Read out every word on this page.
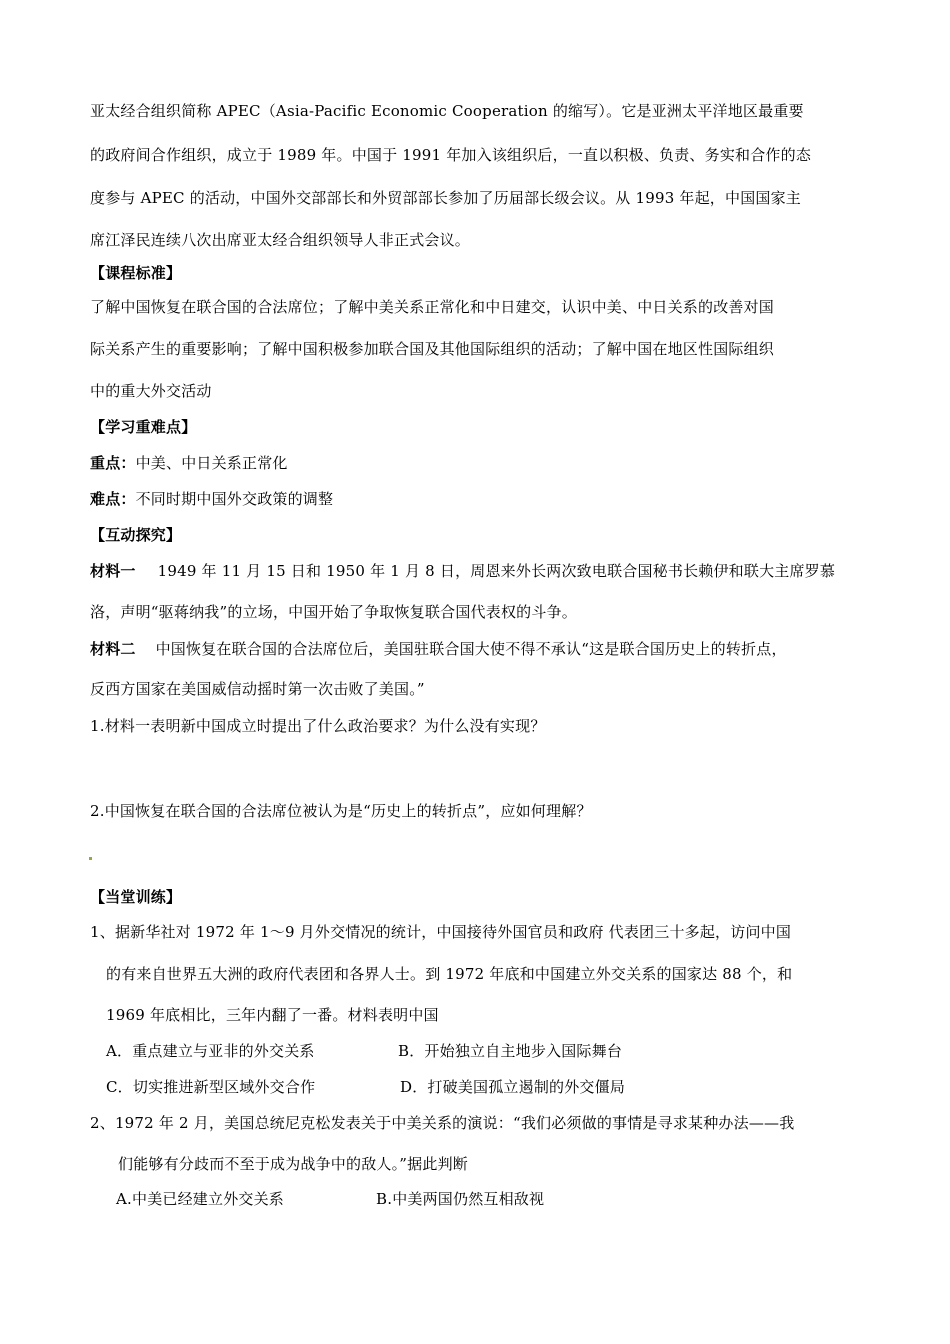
亚太经合组织简称 APEC（Asia-Pacific Economic Cooperation 的缩写）。它是亚洲太平洋地区最重要
的政府间合作组织，成立于 1989 年。中国于 1991 年加入该组织后，一直以积极、负责、务实和合作的态
度参与 APEC 的活动，中国外交部部长和外贸部部长参加了历届部长级会议。从 1993 年起，中国国家主
席江泽民连续八次出席亚太经合组织领导人非正式会议。
【课程标准】
了解中国恢复在联合国的合法席位；了解中美关系正常化和中日建交，认识中美、中日关系的改善对国
际关系产生的重要影响；了解中国积极参加联合国及其他国际组织的活动；了解中国在地区性国际组织
中的重大外交活动
【学习重难点】
重点：中美、中日关系正常化
难点：不同时期中国外交政策的调整
【互动探究】
材料一 1949 年 11 月 15 日和 1950 年 1 月 8 日，周恩来外长两次致电联合国秘书长赖伊和联大主席罗慕
洛，声明“驱蒋纳我”的立场，中国开始了争取恢复联合国代表权的斗争。
材料二 中国恢复在联合国的合法席位后，美国驻联合国大使不得不承认“这是联合国历史上的转折点，
反西方国家在美国威信动摇时第一次击败了美国。”
1.材料一表明新中国成立时提出了什么政治要求？为什么没有实现？
2.中国恢复在联合国的合法席位被认为是“历史上的转折点”，应如何理解？
【当堂训练】
1、据新华社对 1972 年 1～9 月外交情况的统计，中国接待外国官员和政府 代表团三十多起，访问中国
的有来自世界五大洲的政府代表团和各界人士。到 1972 年底和中国建立外交关系的国家达 88 个，和
1969 年底相比，三年内翻了一番。材料表明中国
A．重点建立与亚非的外交关系	B．开始独立自主地步入国际舞台
C．切实推进新型区域外交合作	D．打破美国孤立遏制的外交僵局
2、1972 年 2 月，美国总统尼克松发表关于中美关系的演说：“我们必须做的事情是寻求某种办法——我
们能够有分歧而不至于成为战争中的敌人。”据此判断
A.中美已经建立外交关系	B.中美两国仍然互相敌视
